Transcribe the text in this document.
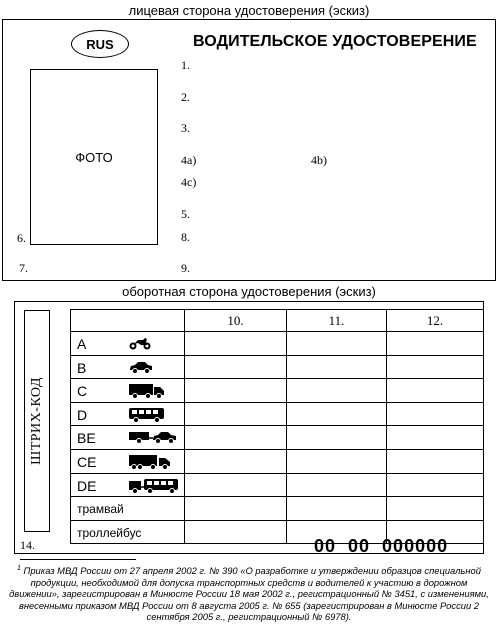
лицевая сторона удостоверения (эскиз)
RUS	ВОДИТЕЛЬСКОЕ УДОСТОВЕРЕНИЕ
ФОТО
1.
2.
3.
4a)	4b)
4c)
5.
6.
7.
8.
9.
оборотная сторона удостоверения (эскиз)
ШТРИХ-КОД
	10.	11.	12.

A			

B			

C			

D			

BE			

CE			

DE			

трамвай			

троллейбус			

14.	00  00  000000
$^1$ Приказ МВД России от 27 апреля 2002 г. № 390 «О разработке и утверждении образцов специальной продукции, необходимой для допуска транспортных средств и водителей к участию в дорожном движении», зарегистрирован в Минюсте России 18 мая 2002 г., регистрационный № 3451, с изменениями, внесенными приказом МВД России от 8 августа 2005 г. № 655 (зарегистрирован в Минюсте России 2 сентября 2005 г., регистрационный № 6978).
